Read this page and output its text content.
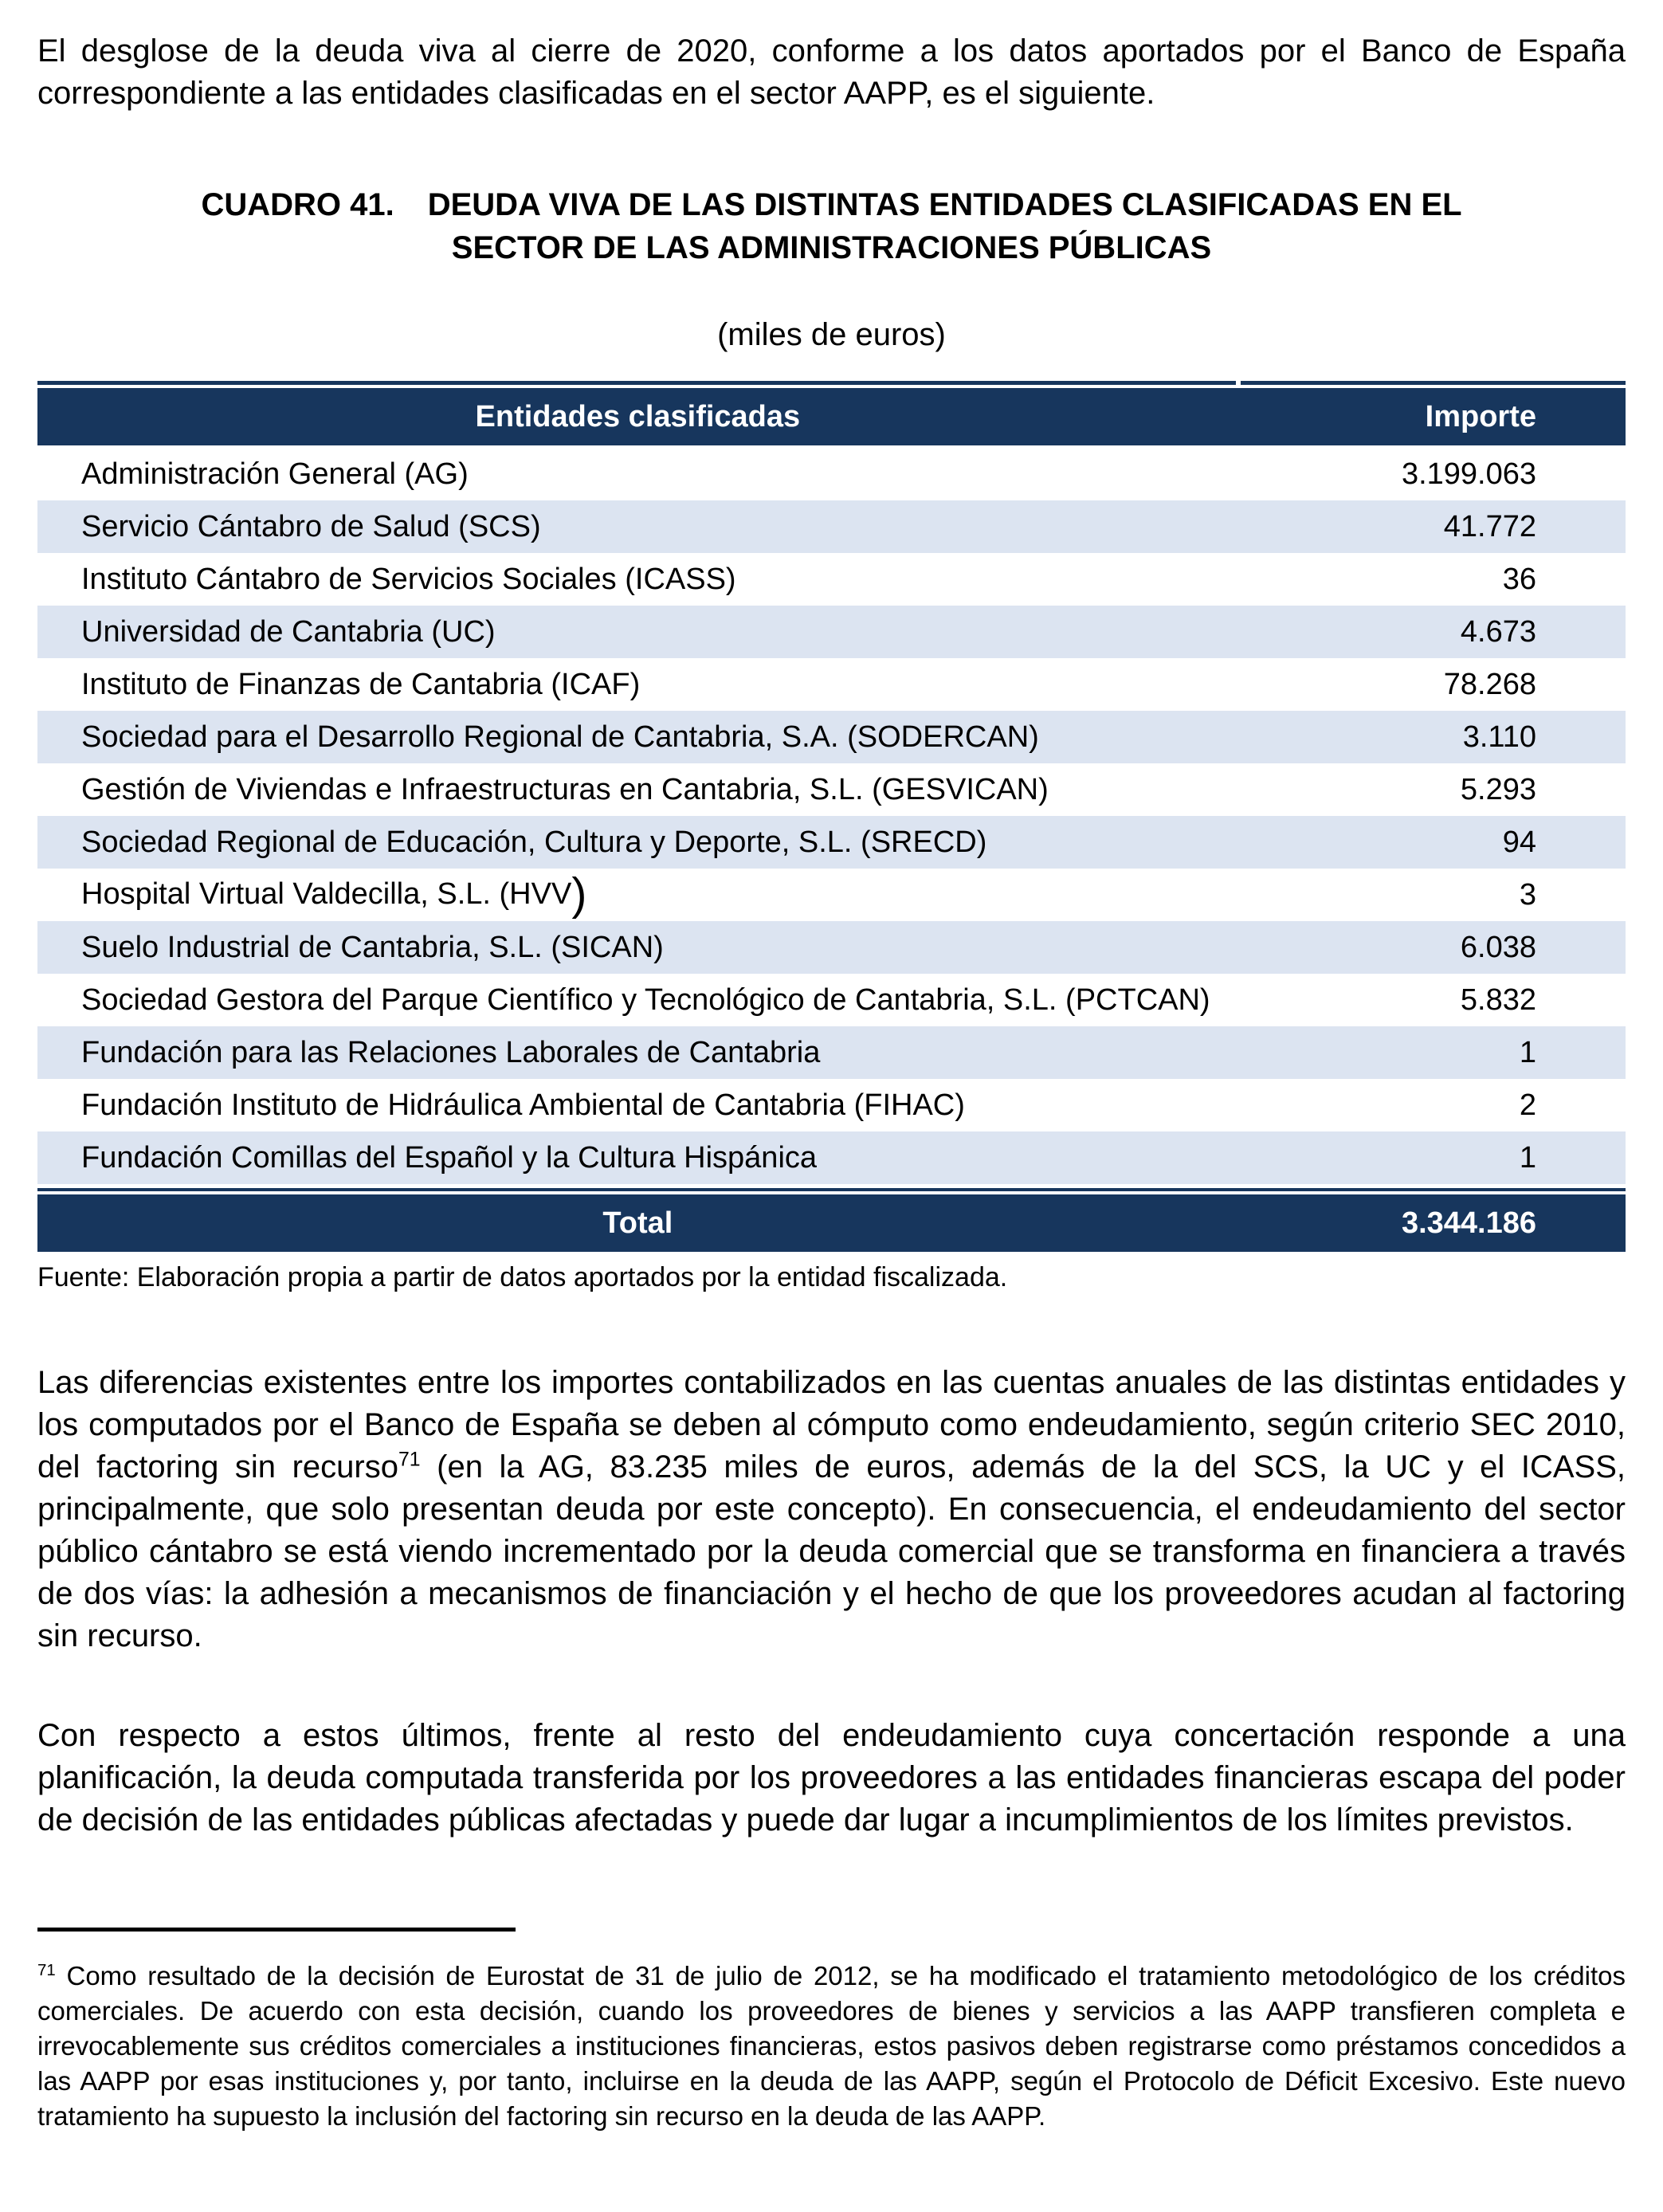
El desglose de la deuda viva al cierre de 2020, conforme a los datos aportados por el Banco de España correspondiente a las entidades clasificadas en el sector AAPP, es el siguiente.

CUADRO 41. DEUDA VIVA DE LAS DISTINTAS ENTIDADES CLASIFICADAS EN EL
SECTOR DE LAS ADMINISTRACIONES PÚBLICAS
(miles de euros)
Entidades clasificadas	Importe
Administración General (AG)	3.199.063
Servicio Cántabro de Salud (SCS)	41.772
Instituto Cántabro de Servicios Sociales (ICASS)	36
Universidad de Cantabria (UC)	4.673
Instituto de Finanzas de Cantabria (ICAF)	78.268
Sociedad para el Desarrollo Regional de Cantabria, S.A. (SODERCAN)	3.110
Gestión de Viviendas e Infraestructuras en Cantabria, S.L. (GESVICAN)	5.293
Sociedad Regional de Educación, Cultura y Deporte, S.L. (SRECD)	94
Hospital Virtual Valdecilla, S.L. (HVV)	3
Suelo Industrial de Cantabria, S.L. (SICAN)	6.038
Sociedad Gestora del Parque Científico y Tecnológico de Cantabria, S.L. (PCTCAN)	5.832
Fundación para las Relaciones Laborales de Cantabria	1
Fundación Instituto de Hidráulica Ambiental de Cantabria (FIHAC)	2
Fundación Comillas del Español y la Cultura Hispánica	1
Total	3.344.186
Fuente: Elaboración propia a partir de datos aportados por la entidad fiscalizada.

Las diferencias existentes entre los importes contabilizados en las cuentas anuales de las distintas entidades y los computados por el Banco de España se deben al cómputo como endeudamiento, según criterio SEC 2010, del factoring sin recurso$^{71}$ (en la AG, 83.235 miles de euros, además de la del SCS, la UC y el ICASS, principalmente, que solo presentan deuda por este concepto). En consecuencia, el endeudamiento del sector público cántabro se está viendo incrementado por la deuda comercial que se transforma en financiera a través de dos vías: la adhesión a mecanismos de financiación y el hecho de que los proveedores acudan al factoring sin recurso.

Con respecto a estos últimos, frente al resto del endeudamiento cuya concertación responde a una planificación, la deuda computada transferida por los proveedores a las entidades financieras escapa del poder de decisión de las entidades públicas afectadas y puede dar lugar a incumplimientos de los límites previstos.

$^{71}$ Como resultado de la decisión de Eurostat de 31 de julio de 2012, se ha modificado el tratamiento metodológico de los créditos comerciales. De acuerdo con esta decisión, cuando los proveedores de bienes y servicios a las AAPP transfieren completa e irrevocablemente sus créditos comerciales a instituciones financieras, estos pasivos deben registrarse como préstamos concedidos a las AAPP por esas instituciones y, por tanto, incluirse en la deuda de las AAPP, según el Protocolo de Déficit Excesivo. Este nuevo tratamiento ha supuesto la inclusión del factoring sin recurso en la deuda de las AAPP.
